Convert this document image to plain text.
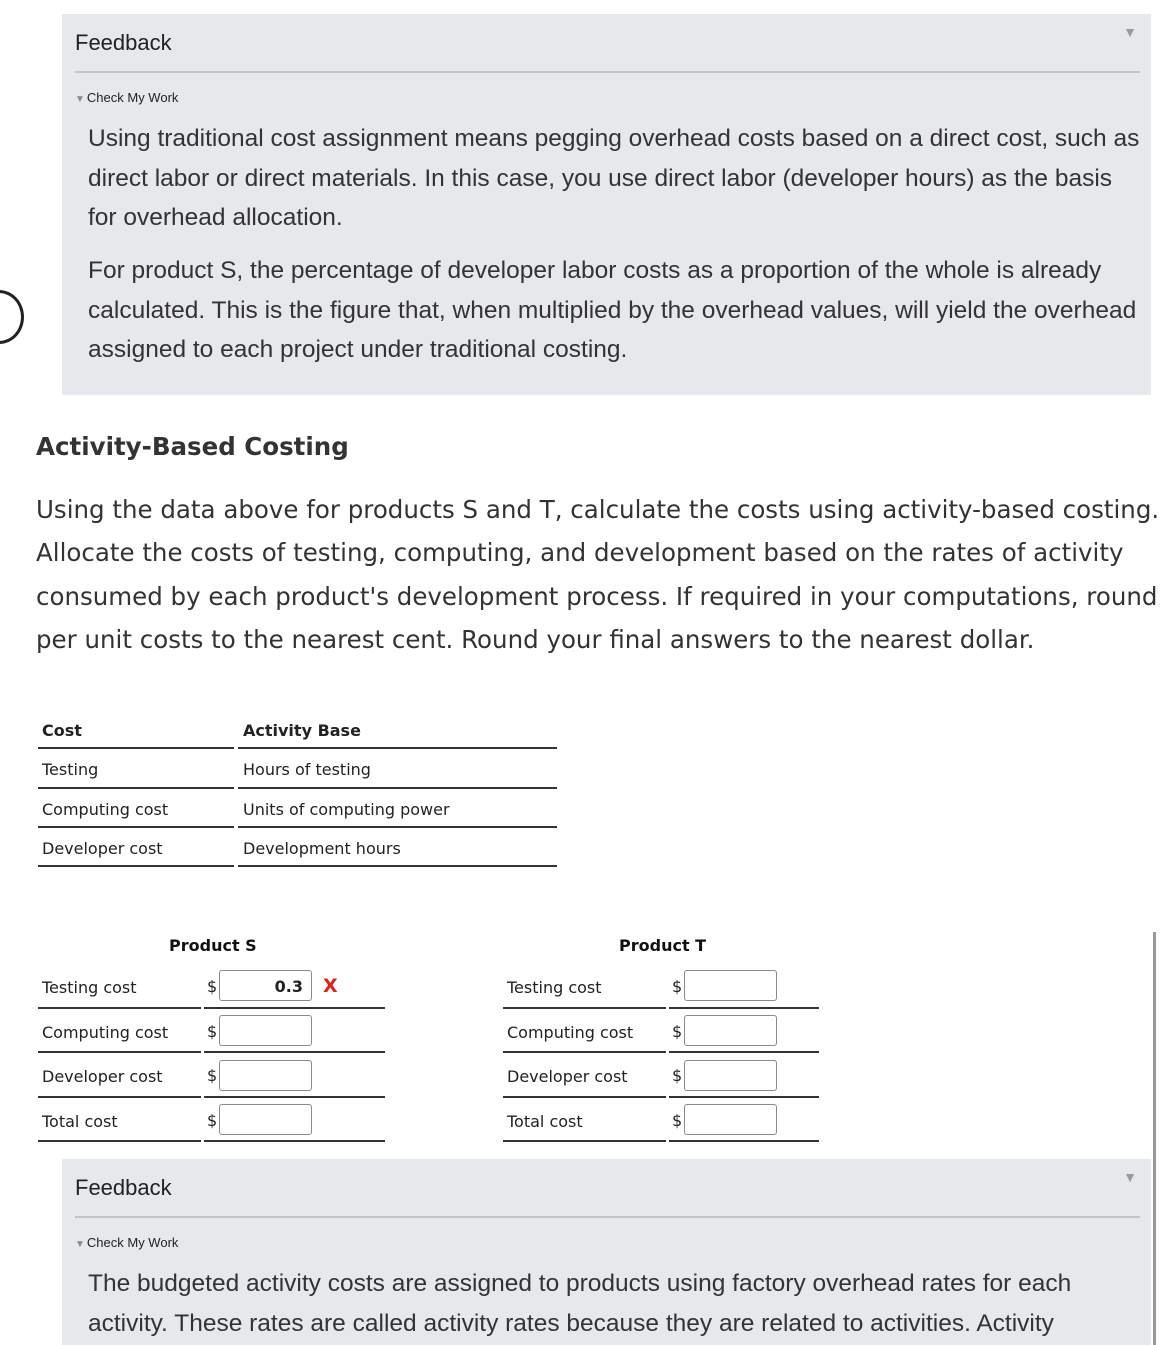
Feedback	▼
▼ Check My Work

Using traditional cost assignment means pegging overhead costs based on a direct cost, such as direct labor or direct materials. In this case, you use direct labor (developer hours) as the basis for overhead allocation.

For product S, the percentage of developer labor costs as a proportion of the whole is already calculated. This is the figure that, when multiplied by the overhead values, will yield the overhead assigned to each project under traditional costing.

Activity-Based Costing

Using the data above for products S and T, calculate the costs using activity-based costing. Allocate the costs of testing, computing, and development based on the rates of activity consumed by each product's development process. If required in your computations, round per unit costs to the nearest cent. Round your final answers to the nearest dollar.

Cost	Activity Base
Testing	Hours of testing
Computing cost	Units of computing power
Developer cost	Development hours
Product S
Testing cost	$	0.3	X
Computing cost $
Developer cost	$
Total cost	$
Product T
Testing cost	$
Computing cost $
Developer cost	$
Total cost	$
Feedback	▼
▼ Check My Work

The budgeted activity costs are assigned to products using factory overhead rates for each activity. These rates are called activity rates because they are related to activities. Activity
